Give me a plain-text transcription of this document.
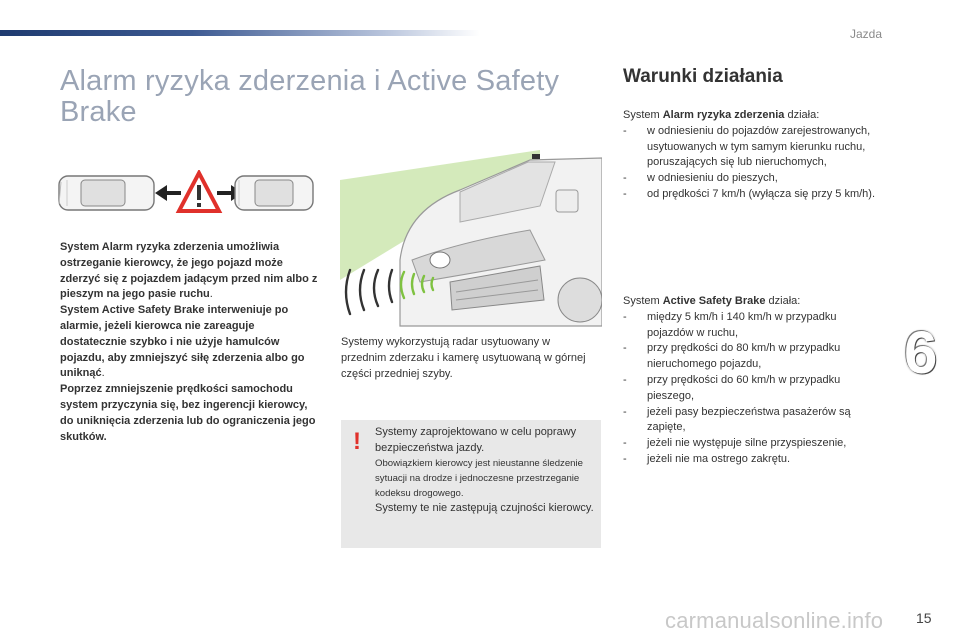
Jazda
Alarm ryzyka zderzenia i Active Safety Brake

System Alarm ryzyka zderzenia umożliwia ostrzeganie kierowcy, że jego pojazd może zderzyć się z pojazdem jadącym przed nim albo z pieszym na jego pasie ruchu.

System Active Safety Brake interweniuje po alarmie, jeżeli kierowca nie zareaguje dostatecznie szybko i nie użyje hamulców pojazdu, aby zmniejszyć siłę zderzenia albo go uniknąć.

Poprzez zmniejszenie prędkości samochodu system przyczynia się, bez ingerencji kierowcy, do uniknięcia zderzenia lub do ograniczenia jego skutków.

Systemy wykorzystują radar usytuowany w przednim zderzaku i kamerę usytuowaną w górnej części przedniej szyby.
! Systemy zaprojektowano w celu poprawy bezpieczeństwa jazdy.
Obowiązkiem kierowcy jest nieustanne śledzenie sytuacji na drodze i jednoczesne przestrzeganie kodeksu drogowego.
Systemy te nie zastępują czujności kierowcy.
Warunki działania

System Alarm ryzyka zderzenia działa:

- w odniesieniu do pojazdów zarejestrowanych, usytuowanych w tym samym kierunku ruchu, poruszających się lub nieruchomych,
- w odniesieniu do pieszych,
- od prędkości 7 km/h (wyłącza się przy 5 km/h).

System Active Safety Brake działa:

- między 5 km/h i 140 km/h w przypadku pojazdów w ruchu,
- przy prędkości do 80 km/h w przypadku nieruchomego pojazdu,
- przy prędkości do 60 km/h w przypadku pieszego,
- jeżeli pasy bezpieczeństwa pasażerów są zapięte,
- jeżeli nie występuje silne przyspieszenie,
- jeżeli nie ma ostrego zakrętu.
6
carmanualsonline.info 15
